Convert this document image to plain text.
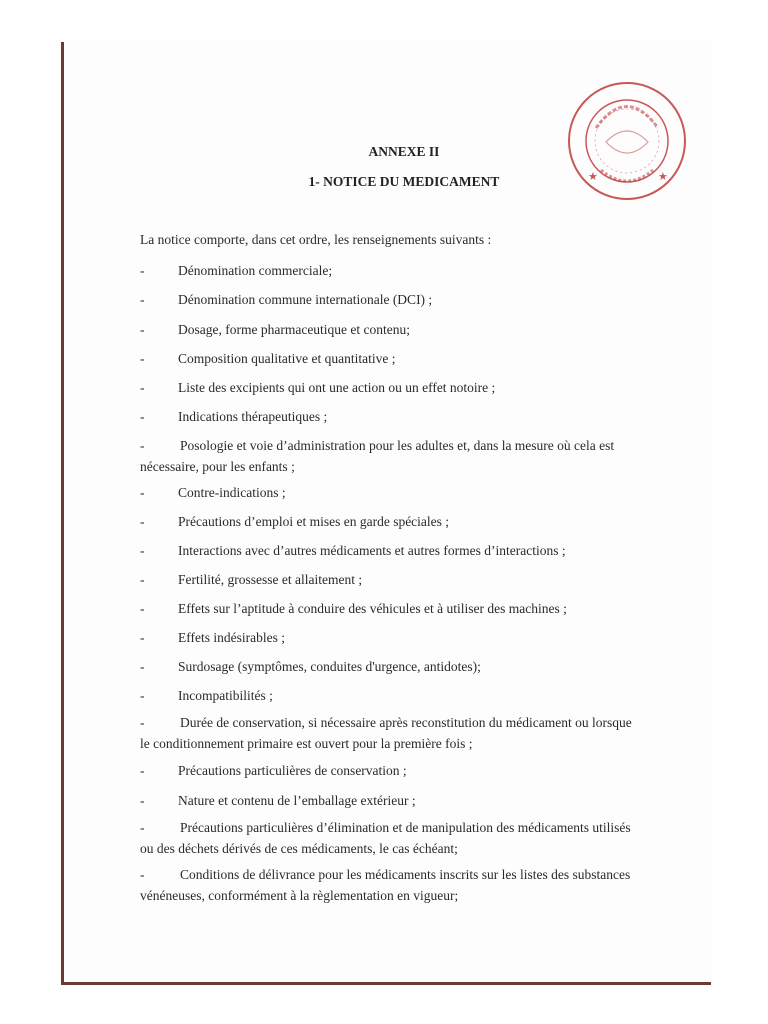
★	★
ANNEXE II
1- NOTICE DU MEDICAMENT
La notice comporte, dans cet ordre, les renseignements suivants :
- Dénomination commerciale;
- Dénomination commune internationale (DCI) ;
- Dosage, forme pharmaceutique et contenu;
- Composition qualitative et quantitative ;
- Liste des excipients qui ont une action ou un effet notoire ;
- Indications thérapeutiques ;
-	Posologie et voie d’administration pour les adultes et, dans la mesure où cela est nécessaire, pour les enfants ;
- Contre-indications ;
- Précautions d’emploi et mises en garde spéciales ;
- Interactions avec d’autres médicaments et autres formes d’interactions ;
- Fertilité, grossesse et allaitement ;
- Effets sur l’aptitude à conduire des véhicules et à utiliser des machines ;
- Effets indésirables ;
- Surdosage (symptômes, conduites d'urgence, antidotes);
- Incompatibilités ;
-	Durée de conservation, si nécessaire après reconstitution du médicament ou lorsque le conditionnement primaire est ouvert pour la première fois ;
- Précautions particulières de conservation ;
- Nature et contenu de l’emballage extérieur ;
-	Précautions particulières d’élimination et de manipulation des médicaments utilisés ou des déchets dérivés de ces médicaments, le cas échéant;
-	Conditions de délivrance pour les médicaments inscrits sur les listes des substances vénéneuses, conformément à la règlementation en vigueur;
